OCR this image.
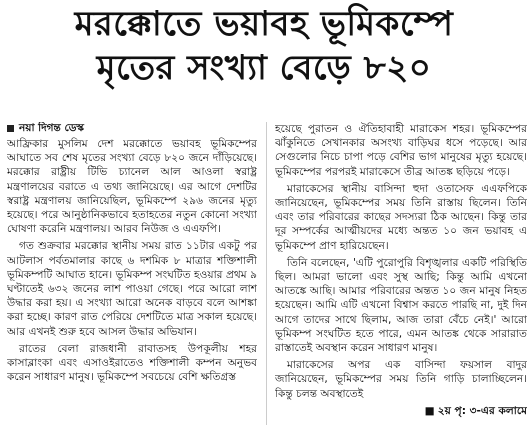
মরক্কোতে ভয়াবহ ভূমিকম্পে
মৃতের সংখ্যা বেড়ে ৮২০
নয়া দিগন্ত ডেস্ক

আফ্রিকার মুসলিম দেশ মরক্কোতে ভয়াবহ ভূমিকম্পের আঘাতে সব শেষ মৃতের সংখ্যা বেড়ে ৮২০ জনে দাঁড়িয়েছে। মরক্কোর রাষ্ট্রীয় টিভি চ্যানেল আল আওলা স্বরাষ্ট্র মন্ত্রণালয়ের বরাতে এ তথ্য জানিয়েছে। এর আগে দেশটির স্বরাষ্ট্র মন্ত্রণালয় জানিয়েছিল, ভূমিকম্পে ২৯৬ জনের মৃত্যু হয়েছে। পরে আনুষ্ঠানিকভাবে হতাহতের নতুন কোনো সংখ্যা ঘোষণা করেনি মন্ত্রণালয়। আরব নিউজ ও এএফপি।

গত শুক্রবার মরক্কোর স্থানীয় সময় রাত ১১টার একটু পর আটলাস পর্বতমালার কাছে ৬ দশমিক ৮ মাত্রার শক্তিশালী ভূমিকম্পটি আঘাত হানে। ভূমিকম্প সংঘটিত হওয়ার প্রথম ৯ ঘণ্টাতেই ৬৩২ জনের লাশ পাওয়া গেছে। পরে আরো লাশ উদ্ধার করা হয়। এ সংখ্যা আরো অনেক বাড়বে বলে আশঙ্কা করা হচ্ছে। কারণ রাত পেরিয়ে দেশটিতে মাত্র সকাল হয়েছে। আর এখনই শুরু হবে আসল উদ্ধার অভিযান।

রাতের বেলা রাজধানী রাবাতসহ উপকূলীয় শহর কাসাব্লাংকা এবং এসাওইরাতেও শক্তিশালী কম্পন অনুভব করেন সাধারণ মানুষ। ভূমিকম্পে সবচেয়ে বেশি ক্ষতিগ্রস্ত

হয়েছে পুরাতন ও ঐতিহাবাহী মারাকেস শহর। ভূমিকম্পের ঝাঁকুনিতে সেখানকার অসংখ্য বাড়িঘর ধসে পড়েছে। আর সেগুলোর নিচে চাপা পড়ে বেশির ভাগ মানুষের মৃত্যু হয়েছে। ভূমিকম্পের পরপরই মারাকেসে তীব্র আতঙ্ক ছড়িয়ে পড়ে।

মারাকেসের স্থানীয় বাসিন্দা হুদা ওতাসেফ এএফপিকে জানিয়েছেন, ভূমিকম্পের সময় তিনি রাস্তায় ছিলেন। তিনি এবং তার পরিবারের কাছের সদস্যরা ঠিক আছেন। কিন্তু তার দূর সম্পর্কের আত্মীয়দের মধ্যে অন্তত ১০ জন ভয়াবহ এ ভূমিকম্পে প্রাণ হারিয়েছেন।

তিনি বলেছেন, 'এটি পুরোপুরি বিশৃঙ্খলার একটি পরিস্থিতি ছিল। আমরা ভালো এবং সুস্থ আছি; কিন্তু আমি এখনো আতঙ্কে আছি। আমার পরিবারের অন্তত ১০ জন মানুষ নিহত হয়েছেন। আমি এটি এখনো বিশ্বাস করতে পারছি না, দুই দিন আগে তাদের সাথে ছিলাম, আজ তারা বেঁচে নেই।' আরো ভূমিকম্প সংঘটিত হতে পারে, এমন আতঙ্ক থেকে সারারাত রাস্তাতেই অবস্থান করেন সাধারণ মানুষ।

মারাকেসের অপর এক বাসিন্দা ফয়সাল বাদুর জানিয়েছেন, ভূমিকম্পের সময় তিনি গাড়ি চালাচ্ছিলেন। কিন্তু চলন্ত অবস্থাতেই

■ ২য় পৃ: ৩-এর কলামে
